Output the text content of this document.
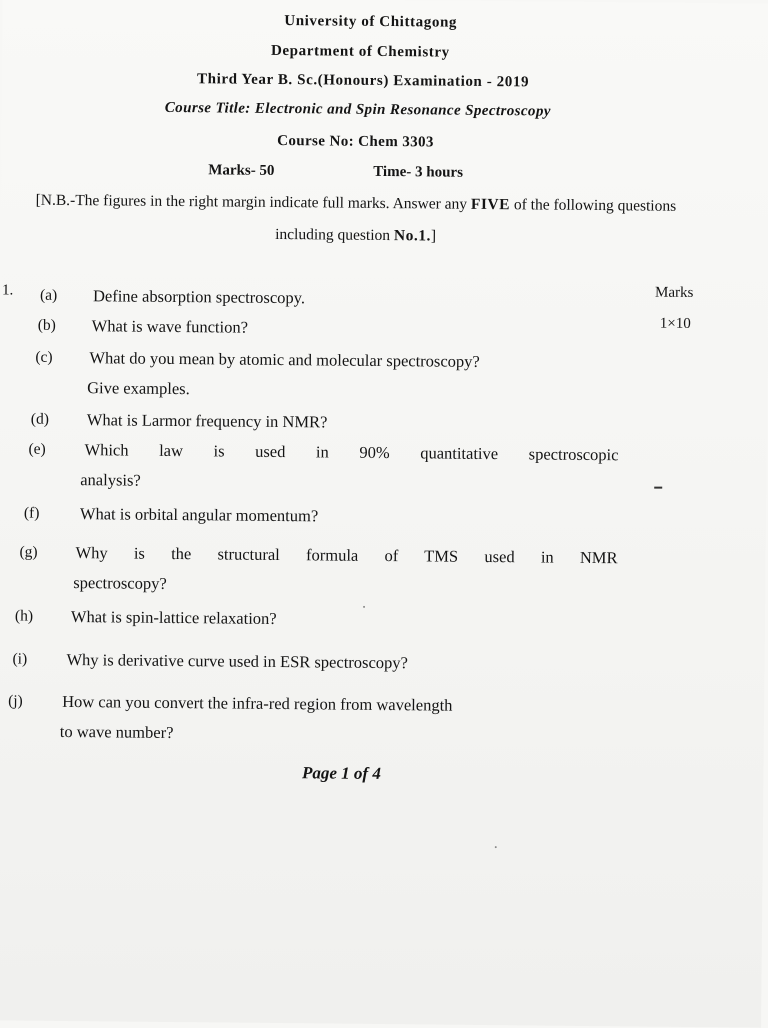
University of Chittagong
Department of Chemistry
Third Year B. Sc.(Honours) Examination - 2019
Course Title: Electronic and Spin Resonance Spectroscopy
Course No: Chem 3303
Marks- 50	Time- 3 hours
[N.B.-The figures in the right margin indicate full marks. Answer any FIVE of the following questions including question No.1.]
Marks
1×10
1. (a) Define absorption spectroscopy.
(b) What is wave function?
(c) What do you mean by atomic and molecular spectroscopy?
Give examples.
(d) What is Larmor frequency in NMR?
(e) Which law is used in 90% quantitative spectroscopic
analysis?
(f) What is orbital angular momentum?
(g) Why is the structural formula of TMS used in NMR
spectroscopy?
(h) What is spin-lattice relaxation?
(i) Why is derivative curve used in ESR spectroscopy?
(j) How can you convert the infra-red region from wavelength
to wave number?
Page 1 of 4
